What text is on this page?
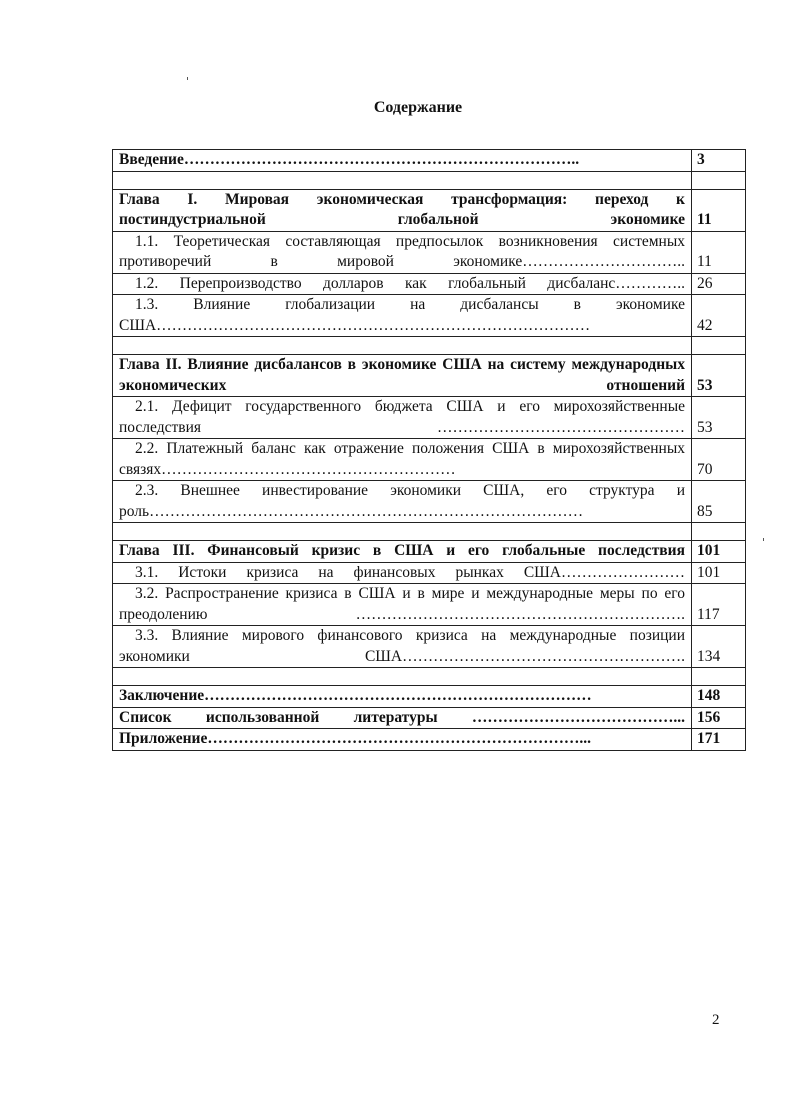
Содержание
Введение…………………………………………………………………..	3

Глава I. Мировая экономическая трансформация: переход к постиндустриальной глобальной экономике	11
1.1. Теоретическая составляющая предпосылок возникновения системных противоречий в мировой экономике…………………………..	11
1.2. Перепроизводство долларов как глобальный дисбаланс…………..	26
1.3. Влияние глобализации на дисбалансы в экономике США…………………………………………………………………………	42

Глава II. Влияние дисбалансов в экономике США на систему международных экономических отношений	53
2.1. Дефицит государственного бюджета США и его мирохозяйственные последствия …………………………………………	53
2.2. Платежный баланс как отражение положения США в мирохозяйственных связях…………………………………………………	70
2.3. Внешнее инвестирование экономики США, его структура и роль…………………………………………………………………………	85

Глава III. Финансовый кризис в США и его глобальные последствия	101
3.1. Истоки кризиса на финансовых рынках США……………………	101
3.2. Распространение кризиса в США и в мире и международные меры по его преодолению ……………………………………………………….	117
3.3. Влияние мирового финансового кризиса на международные позиции экономики США……………………………………………….	134

Заключение…………………………………………………………………	148
Список использованной литературы …………………………………...	156
Приложение………………………………………………………………...	171
2
